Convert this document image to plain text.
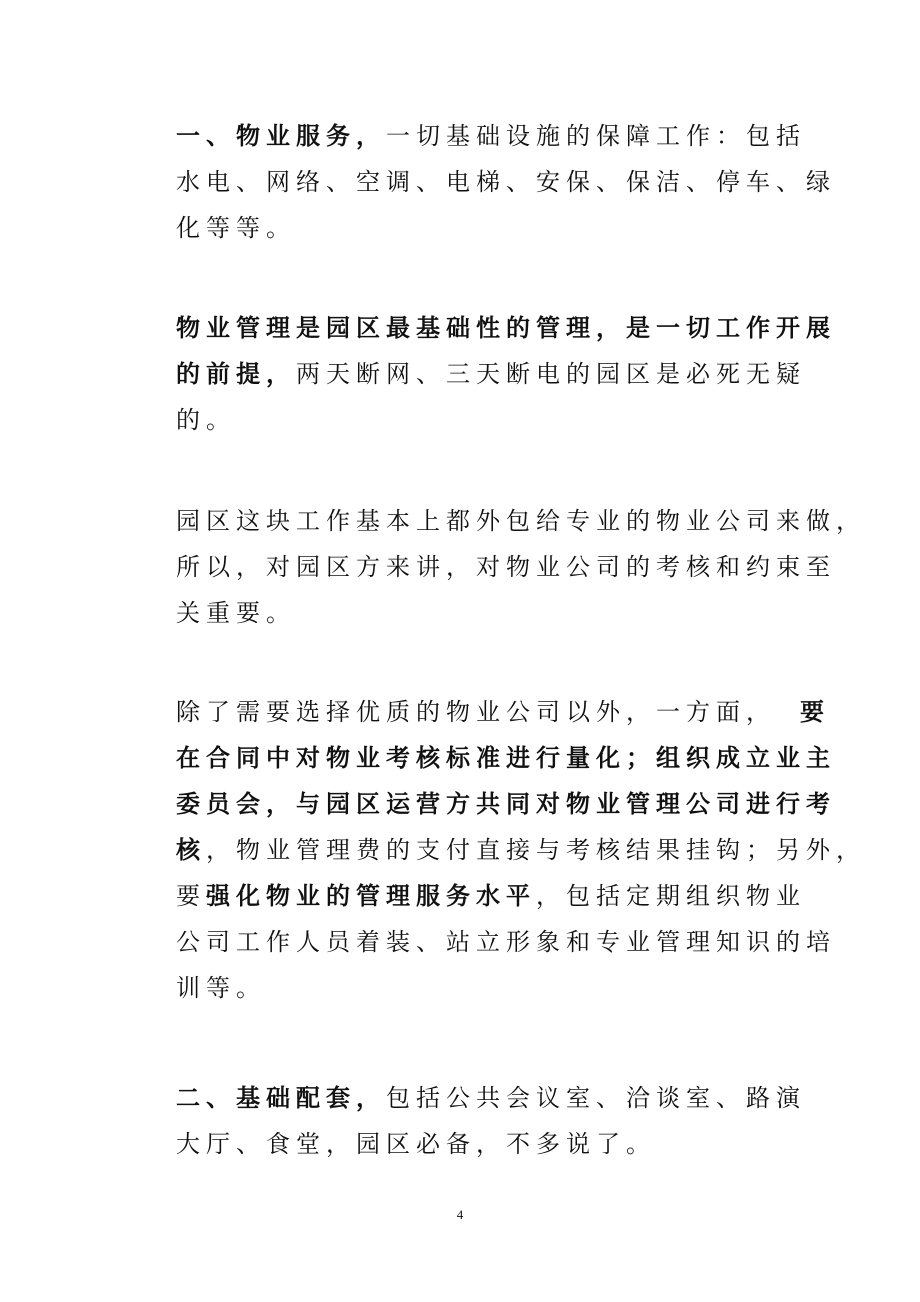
一、物业服务，一切基础设施的保障工作：包括
水电、网络、空调、电梯、安保、保洁、停车、绿
化等等。

物业管理是园区最基础性的管理，是一切工作开展
的前提，两天断网、三天断电的园区是必死无疑
的。

园区这块工作基本上都外包给专业的物业公司来做，
所以，对园区方来讲，对物业公司的考核和约束至
关重要。

除了需要选择优质的物业公司以外，一方面， 要
在合同中对物业考核标准进行量化；组织成立业主
委员会，与园区运营方共同对物业管理公司进行考
核，物业管理费的支付直接与考核结果挂钩；另外，
要强化物业的管理服务水平，包括定期组织物业
公司工作人员着装、站立形象和专业管理知识的培
训等。

二、基础配套，包括公共会议室、洽谈室、路演
大厅、食堂，园区必备，不多说了。

4
